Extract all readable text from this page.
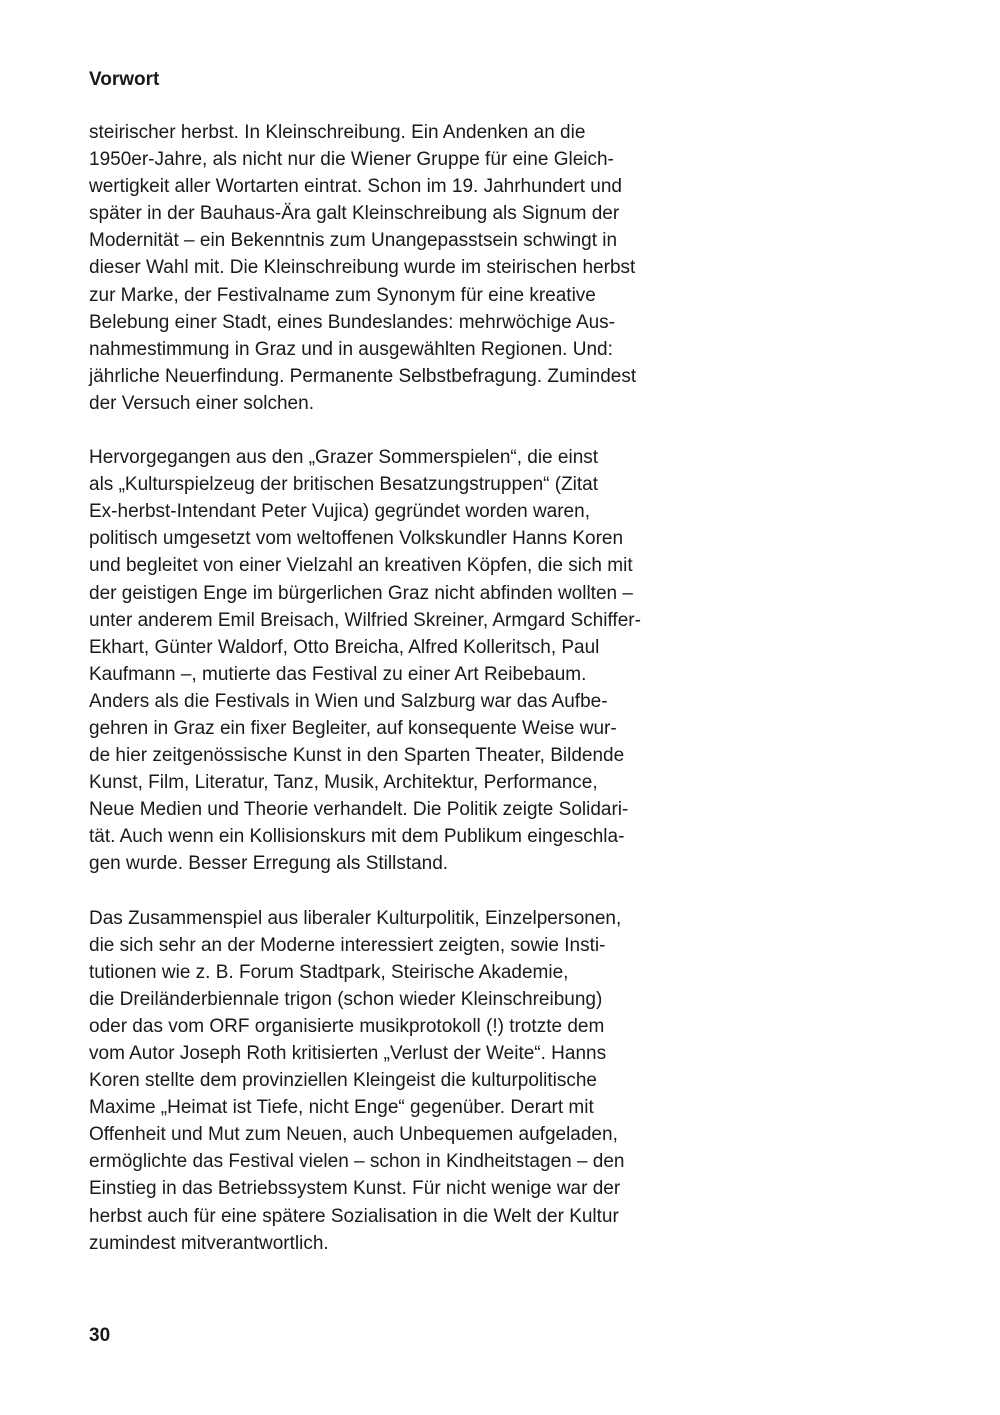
Vorwort

steirischer herbst. In Kleinschreibung. Ein Andenken an die
1950er-Jahre, als nicht nur die Wiener Gruppe für eine Gleich-
wertigkeit aller Wortarten eintrat. Schon im 19. Jahrhundert und
später in der Bauhaus-Ära galt Kleinschreibung als Signum der
Modernität – ein Bekenntnis zum Unangepasstsein schwingt in
dieser Wahl mit. Die Kleinschreibung wurde im steirischen herbst
zur Marke, der Festivalname zum Synonym für eine kreative
Belebung einer Stadt, eines Bundeslandes: mehrwöchige Aus-
nahmestimmung in Graz und in ausgewählten Regionen. Und:
jährliche Neuerfindung. Permanente Selbstbefragung. Zumindest
der Versuch einer solchen.

Hervorgegangen aus den „Grazer Sommerspielen“, die einst
als „Kulturspielzeug der britischen Besatzungstruppen“ (Zitat
Ex-herbst-Intendant Peter Vujica) gegründet worden waren,
politisch umgesetzt vom weltoffenen Volkskundler Hanns Koren
und begleitet von einer Vielzahl an kreativen Köpfen, die sich mit
der geistigen Enge im bürgerlichen Graz nicht abfinden wollten –
unter anderem Emil Breisach, Wilfried Skreiner, Armgard Schiffer-
Ekhart, Günter Waldorf, Otto Breicha, Alfred Kolleritsch, Paul
Kaufmann –, mutierte das Festival zu einer Art Reibebaum.
Anders als die Festivals in Wien und Salzburg war das Aufbe-
gehren in Graz ein fixer Begleiter, auf konsequente Weise wur-
de hier zeitgenössische Kunst in den Sparten Theater, Bildende
Kunst, Film, Literatur, Tanz, Musik, Architektur, Performance,
Neue Medien und Theorie verhandelt. Die Politik zeigte Solidari-
tät. Auch wenn ein Kollisionskurs mit dem Publikum eingeschla-
gen wurde. Besser Erregung als Stillstand.

Das Zusammenspiel aus liberaler Kulturpolitik, Einzelpersonen,
die sich sehr an der Moderne interessiert zeigten, sowie Insti-
tutionen wie z. B. Forum Stadtpark, Steirische Akademie,
die Dreiländerbiennale trigon (schon wieder Kleinschreibung)
oder das vom ORF organisierte musikprotokoll (!) trotzte dem
vom Autor Joseph Roth kritisierten „Verlust der Weite“. Hanns
Koren stellte dem provinziellen Kleingeist die kulturpolitische
Maxime „Heimat ist Tiefe, nicht Enge“ gegenüber. Derart mit
Offenheit und Mut zum Neuen, auch Unbequemen aufgeladen,
ermöglichte das Festival vielen – schon in Kindheitstagen – den
Einstieg in das Betriebssystem Kunst. Für nicht wenige war der
herbst auch für eine spätere Sozialisation in die Welt der Kultur
zumindest mitverantwortlich.

30
